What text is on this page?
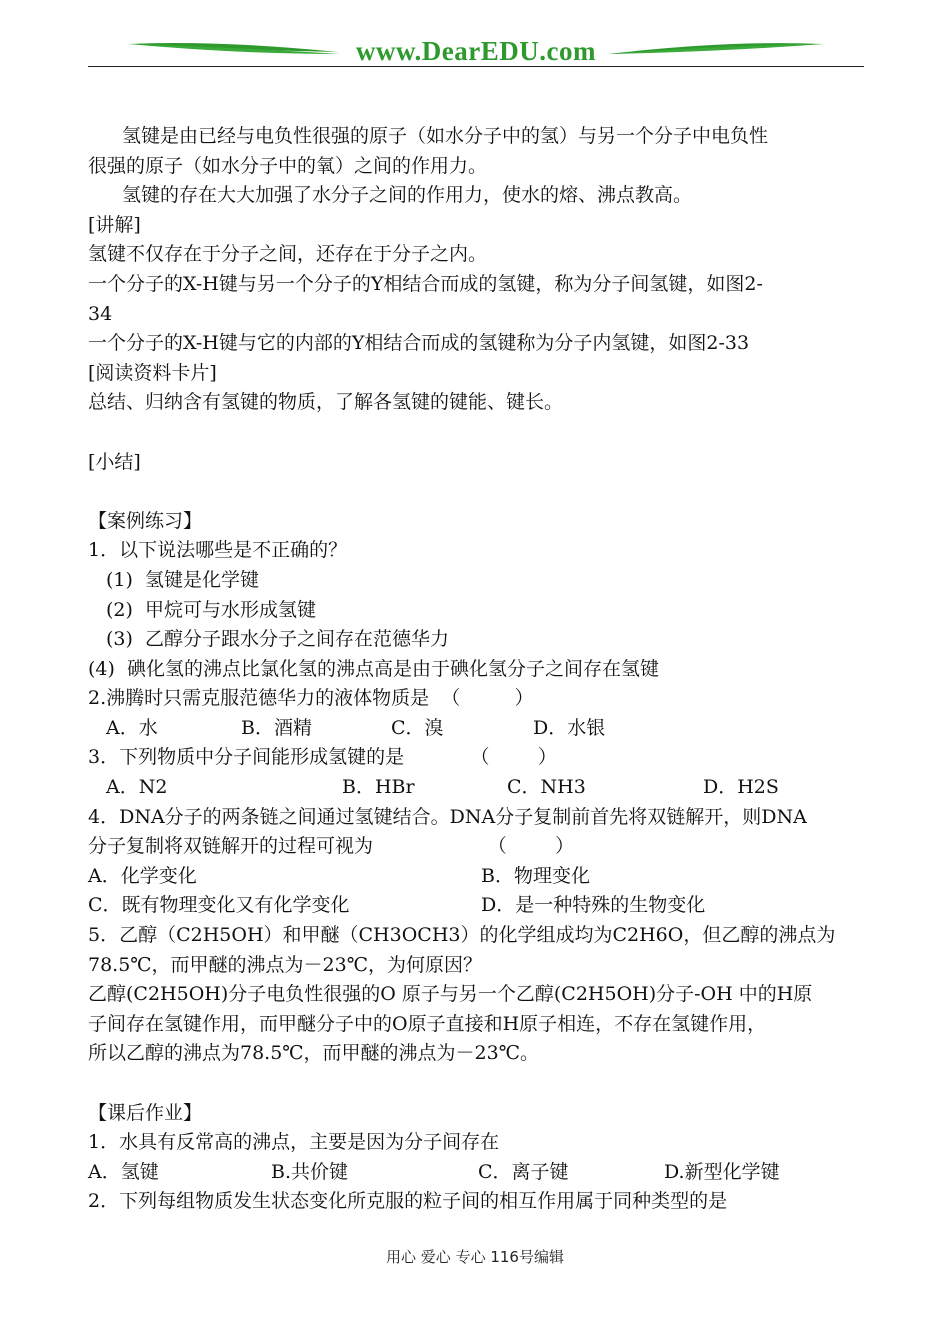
www.DearEDU.com
氢键是由已经与电负性很强的原子（如水分子中的氢）与另一个分子中电负性
很强的原子（如水分子中的氧）之间的作用力。
氢键的存在大大加强了水分子之间的作用力，使水的熔、沸点教高。
[讲解]
氢键不仅存在于分子之间，还存在于分子之内。
一个分子的X-H键与另一个分子的Y相结合而成的氢键，称为分子间氢键，如图2-
34
一个分子的X-H键与它的内部的Y相结合而成的氢键称为分子内氢键，如图2-33
[阅读资料卡片]
总结、归纳含有氢键的物质，了解各氢键的键能、键长。
[小结]
【案例练习】
1．以下说法哪些是不正确的？
(1)  氢键是化学键
(2)  甲烷可与水形成氢键
(3)  乙醇分子跟水分子之间存在范德华力
(4)  碘化氢的沸点比氯化氢的沸点高是由于碘化氢分子之间存在氢键
2.沸腾时只需克服范德华力的液体物质是  （         ）
A．水	B．酒精	C．溴	D．水银
3．下列物质中分子间能形成氢键的是           （        ）
A．N2	B．HBr	C．NH3	D．H2S
4．DNA分子的两条链之间通过氢键结合。DNA分子复制前首先将双链解开，则DNA
分子复制将双链解开的过程可视为                   （        ）
A．化学变化	B．物理变化
C．既有物理变化又有化学变化	D．是一种特殊的生物变化
5．乙醇（C2H5OH）和甲醚（CH3OCH3）的化学组成均为C2H6O，但乙醇的沸点为
78.5℃，而甲醚的沸点为－23℃，为何原因？
乙醇(C2H5OH)分子电负性很强的O 原子与另一个乙醇(C2H5OH)分子-OH 中的H原
子间存在氢键作用，而甲醚分子中的O原子直接和H原子相连，不存在氢键作用，
所以乙醇的沸点为78.5℃，而甲醚的沸点为－23℃。
【课后作业】
1．水具有反常高的沸点，主要是因为分子间存在
A．氢键	B.共价键	C．离子键	D.新型化学键
2．下列每组物质发生状态变化所克服的粒子间的相互作用属于同种类型的是
用心 爱心 专心 116号编辑
